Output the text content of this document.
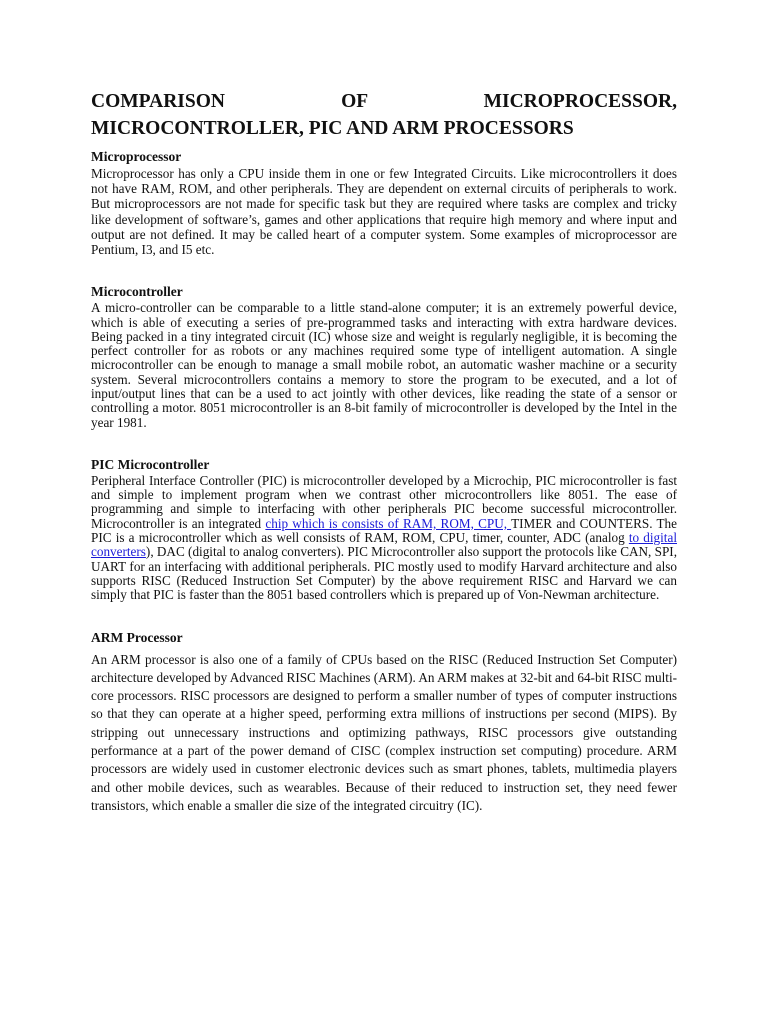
COMPARISON OF MICROPROCESSOR,
MICROCONTROLLER, PIC AND ARM PROCESSORS
Microprocessor

Microprocessor has only a CPU inside them in one or few Integrated Circuits. Like microcontrollers it does not have RAM, ROM, and other peripherals. They are dependent on external circuits of peripherals to work. But microprocessors are not made for specific task but they are required where tasks are complex and tricky like development of software’s, games and other applications that require high memory and where input and output are not defined. It may be called heart of a computer system. Some examples of microprocessor are Pentium, I3, and I5 etc.

Microcontroller

A micro-controller can be comparable to a little stand-alone computer; it is an extremely powerful device, which is able of executing a series of pre-programmed tasks and interacting with extra hardware devices. Being packed in a tiny integrated circuit (IC) whose size and weight is regularly negligible, it is becoming the perfect controller for as robots or any machines required some type of intelligent automation. A single microcontroller can be enough to manage a small mobile robot, an automatic washer machine or a security system. Several microcontrollers contains a memory to store the program to be executed, and a lot of input/output lines that can be a used to act jointly with other devices, like reading the state of a sensor or controlling a motor. 8051 microcontroller is an 8-bit family of microcontroller is developed by the Intel in the year 1981.

PIC Microcontroller

Peripheral Interface Controller (PIC) is microcontroller developed by a Microchip, PIC microcontroller is fast and simple to implement program when we contrast other microcontrollers like 8051. The ease of programming and simple to interfacing with other peripherals PIC become successful microcontroller. Microcontroller is an integrated chip which is consists of RAM, ROM, CPU, TIMER and COUNTERS. The PIC is a microcontroller which as well consists of RAM, ROM, CPU, timer, counter, ADC (analog to digital converters), DAC (digital to analog converters). PIC Microcontroller also support the protocols like CAN, SPI, UART for an interfacing with additional peripherals. PIC mostly used to modify Harvard architecture and also supports RISC (Reduced Instruction Set Computer) by the above requirement RISC and Harvard we can simply that PIC is faster than the 8051 based controllers which is prepared up of Von-Newman architecture.

ARM Processor

An ARM processor is also one of a family of CPUs based on the RISC (Reduced Instruction Set Computer) architecture developed by Advanced RISC Machines (ARM). An ARM makes at 32-bit and 64-bit RISC multi-core processors. RISC processors are designed to perform a smaller number of types of computer instructions so that they can operate at a higher speed, performing extra millions of instructions per second (MIPS). By stripping out unnecessary instructions and optimizing pathways, RISC processors give outstanding performance at a part of the power demand of CISC (complex instruction set computing) procedure. ARM processors are widely used in customer electronic devices such as smart phones, tablets, multimedia players and other mobile devices, such as wearables. Because of their reduced to instruction set, they need fewer transistors, which enable a smaller die size of the integrated circuitry (IC).
